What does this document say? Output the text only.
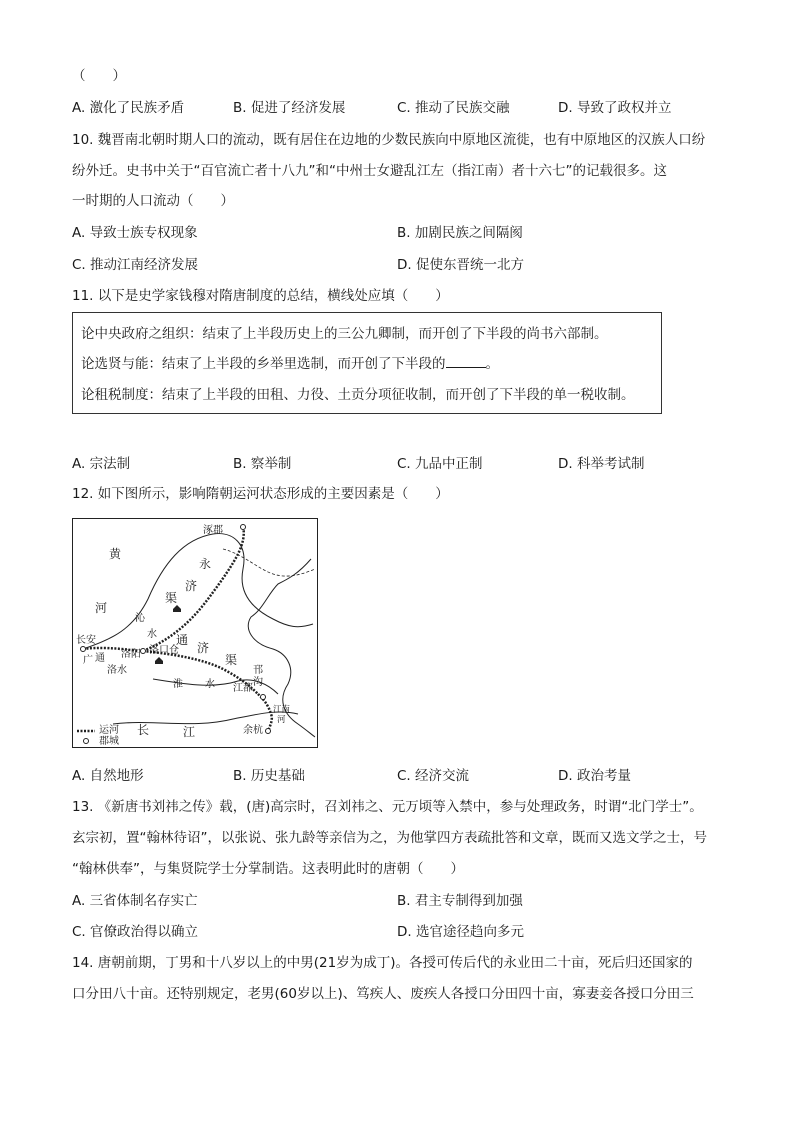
（　　）
A. 激化了民族矛盾	B. 促进了经济发展	C. 推动了民族交融	D. 导致了政权并立
10. 魏晋南北朝时期人口的流动，既有居住在边地的少数民族向中原地区流徙，也有中原地区的汉族人口纷
纷外迁。史书中关于“百官流亡者十八九”和“中州士女避乱江左（指江南）者十六七”的记载很多。这
一时期的人口流动（　　）
A. 导致士族专权现象	B. 加剧民族之间隔阂
C. 推动江南经济发展	D. 促使东晋统一北方
11. 以下是史学家钱穆对隋唐制度的总结，横线处应填（　　）
论中央政府之组织：结束了上半段历史上的三公九卿制，而开创了下半段的尚书六部制。
论选贤与能：结束了上半段的乡举里选制，而开创了下半段的	。
论租税制度：结束了上半段的田租、力役、土贡分项征收制，而开创了下半段的单一税收制。
A. 宗法制	B. 察举制	C. 九品中正制	D. 科举考试制
12. 如下图所示，影响隋朝运河状态形成的主要因素是（　　）
黄
河
涿郡
永
济
沁
水
渠
长安
广 通 洛阳 洛口仓
洛水
通
济
渠
淮 水
邗
沟
江都
长	江
江南
河
余杭
运河
郡城
A. 自然地形	B. 历史基础	C. 经济交流	D. 政治考量
13. 《新唐书刘祎之传》载，(唐)高宗时，召刘祎之、元万顷等入禁中，参与处理政务，时谓“北门学士”。
玄宗初，置“翰林待诏”，以张说、张九龄等亲信为之，为他掌四方表疏批答和文章，既而又选文学之士，号
“翰林供奉”，与集贤院学士分掌制诰。这表明此时的唐朝（　　）
A. 三省体制名存实亡	B. 君主专制得到加强
C. 官僚政治得以确立	D. 选官途径趋向多元
14. 唐朝前期，丁男和十八岁以上的中男(21岁为成丁)。各授可传后代的永业田二十亩，死后归还国家的
口分田八十亩。还特别规定，老男(60岁以上)、笃疾人、废疾人各授口分田四十亩，寡妻妾各授口分田三
